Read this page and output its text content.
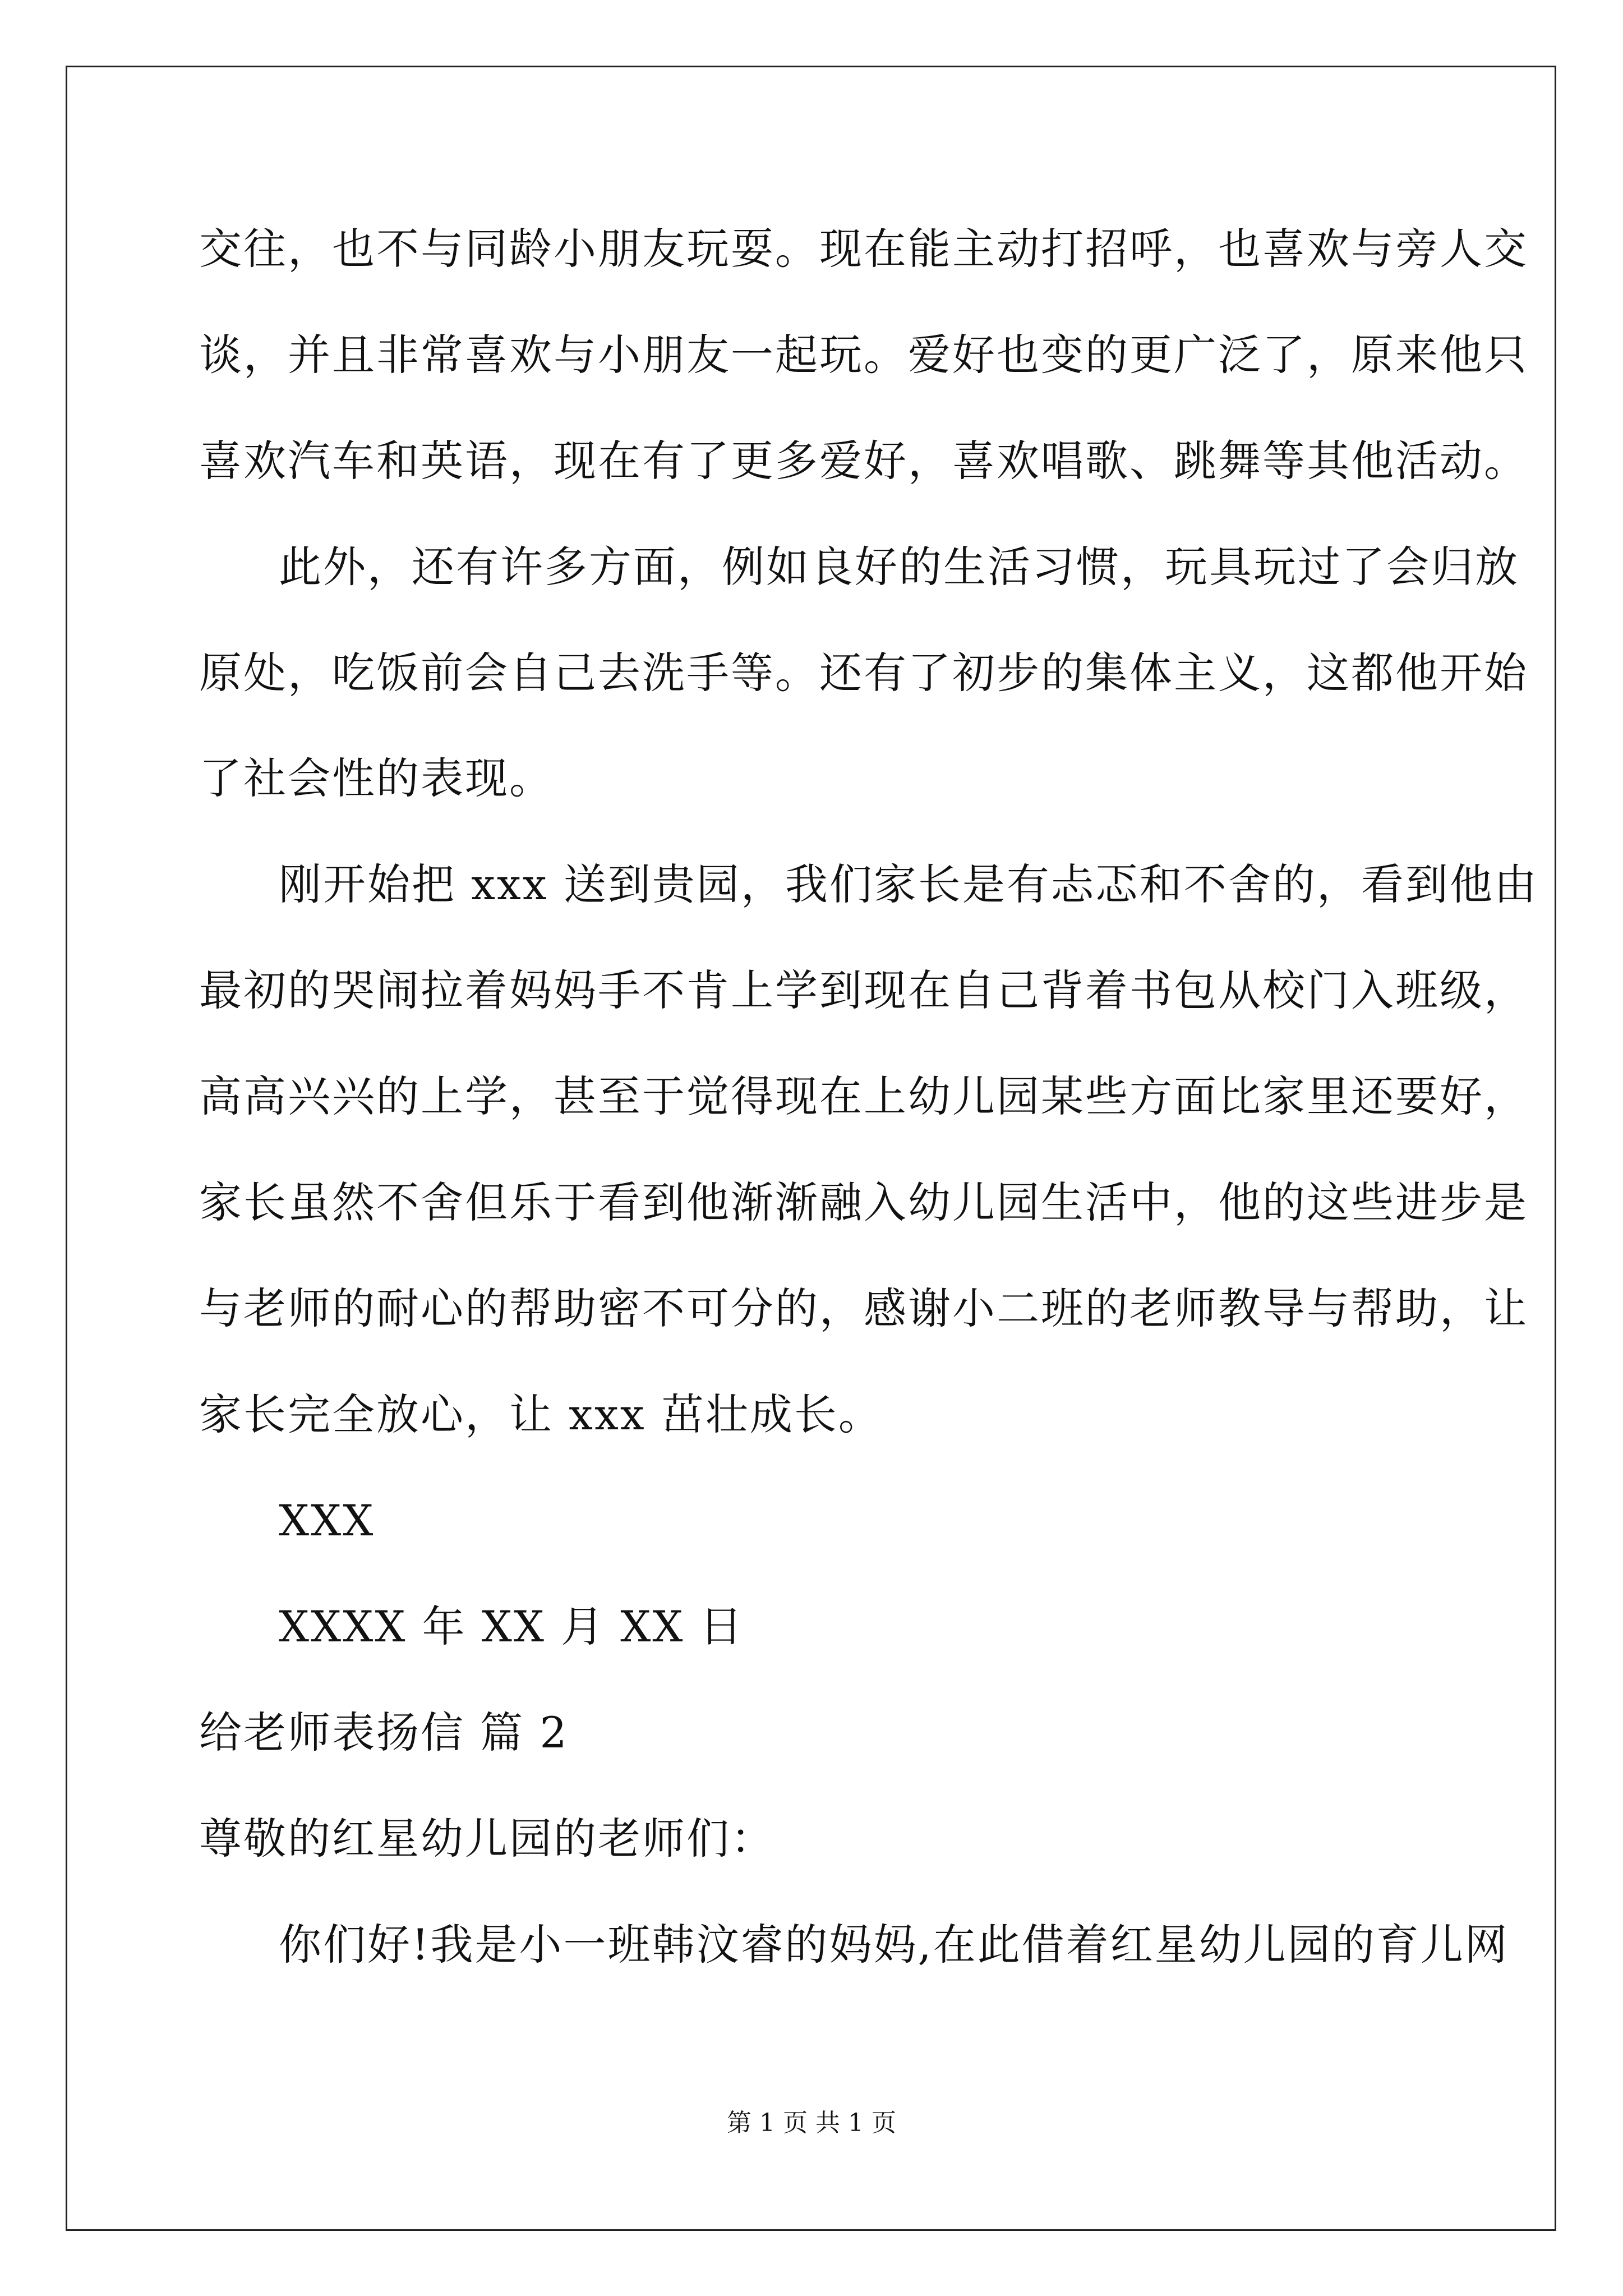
交往，也不与同龄小朋友玩耍。现在能主动打招呼，也喜欢与旁人交
谈，并且非常喜欢与小朋友一起玩。爱好也变的更广泛了，原来他只
喜欢汽车和英语，现在有了更多爱好，喜欢唱歌、跳舞等其他活动。
此外，还有许多方面，例如良好的生活习惯，玩具玩过了会归放
原处，吃饭前会自己去洗手等。还有了初步的集体主义，这都他开始
了社会性的表现。
刚开始把 xxx 送到贵园，我们家长是有忐忑和不舍的，看到他由
最初的哭闹拉着妈妈手不肯上学到现在自己背着书包从校门入班级，
高高兴兴的上学，甚至于觉得现在上幼儿园某些方面比家里还要好，
家长虽然不舍但乐于看到他渐渐融入幼儿园生活中，他的这些进步是
与老师的耐心的帮助密不可分的，感谢小二班的老师教导与帮助，让
家长完全放心，让 xxx 茁壮成长。
XXX
XXXX 年 XX 月 XX 日
给老师表扬信 篇 2
尊敬的红星幼儿园的老师们：
你们好!我是小一班韩汶睿的妈妈,在此借着红星幼儿园的育儿网
第 1 页 共 1 页
